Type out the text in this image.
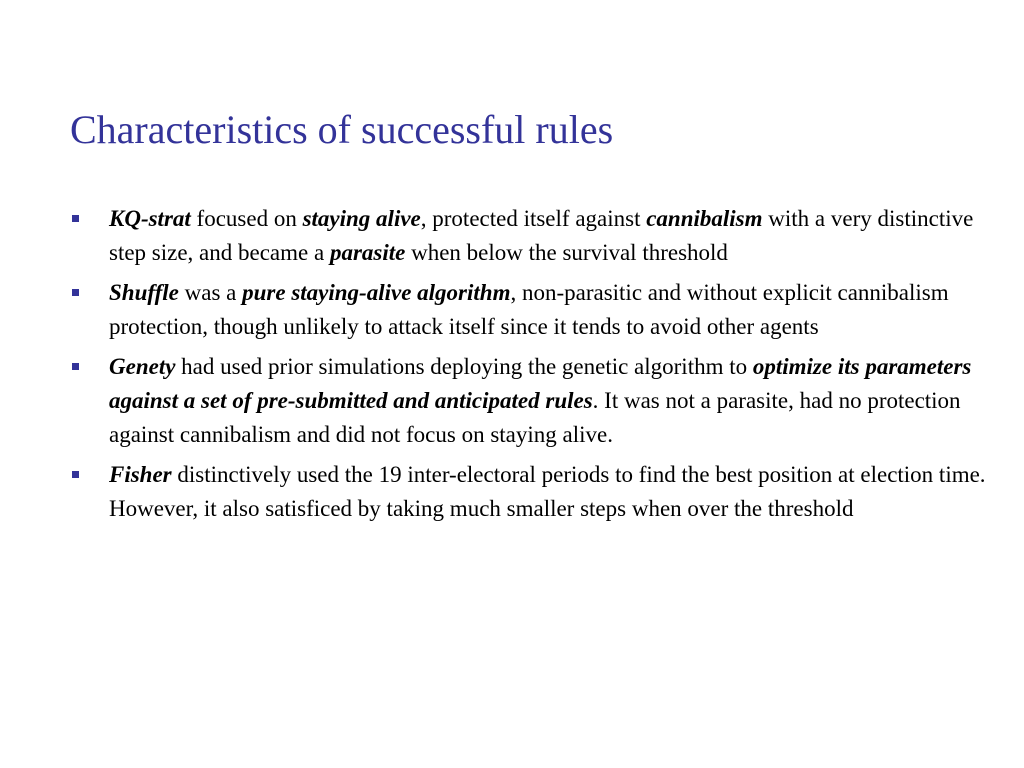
Characteristics of successful rules
KQ-strat focused on staying alive, protected itself against cannibalism with a very distinctive step size, and became a parasite when below the survival threshold
Shuffle was a pure staying-alive algorithm, non-parasitic and without explicit cannibalism protection, though unlikely to attack itself since it tends to avoid other agents
Genety had used prior simulations deploying the genetic algorithm to optimize its parameters against a set of pre-submitted and anticipated rules. It was not a parasite, had no protection against cannibalism and did not focus on staying alive.
Fisher distinctively used the 19 inter-electoral periods to find the best position at election time. However, it also satisficed by taking much smaller steps when over the threshold
